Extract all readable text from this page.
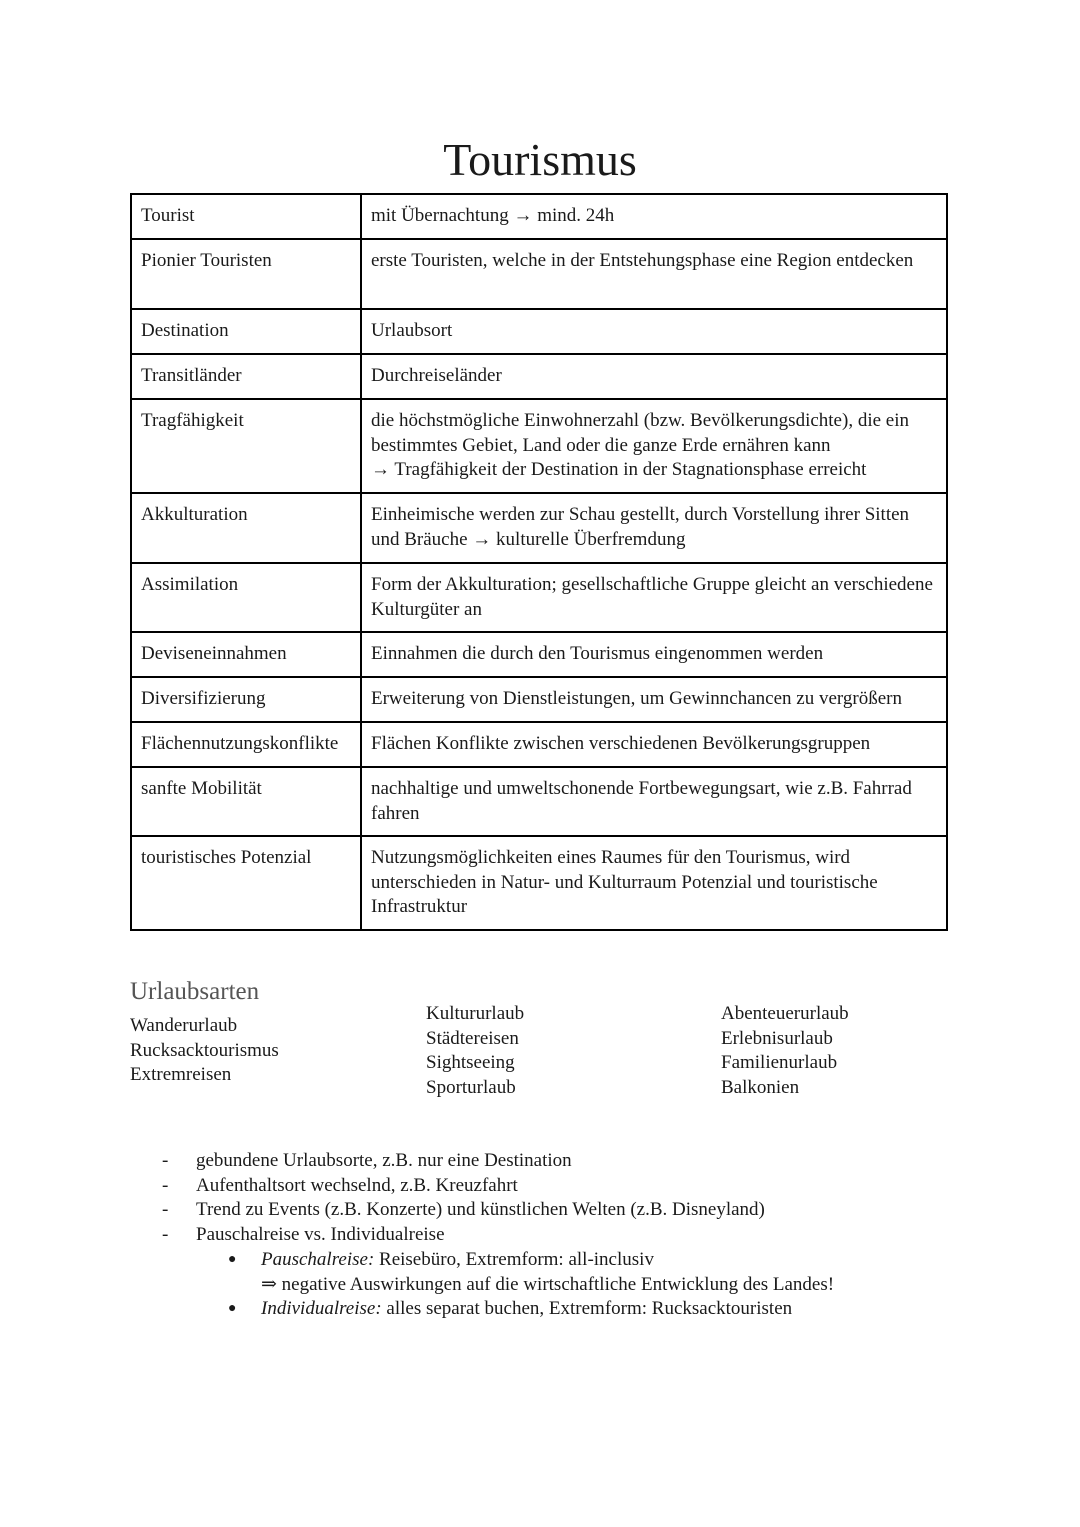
Tourismus
Tourist	mit Übernachtung → mind. 24h
Pionier Touristen	erste Touristen, welche in der Entstehungsphase eine Region entdecken
Destination	Urlaubsort
Transitländer	Durchreiseländer
Tragfähigkeit	die höchstmögliche Einwohnerzahl (bzw. Bevölkerungsdichte), die ein bestimmtes Gebiet, Land oder die ganze Erde ernähren kann
→ Tragfähigkeit der Destination in der Stagnationsphase erreicht

Akkulturation	Einheimische werden zur Schau gestellt, durch Vorstellung ihrer Sitten und Bräuche → kulturelle Überfremdung
Assimilation	Form der Akkulturation; gesellschaftliche Gruppe gleicht an verschiedene Kulturgüter an
Deviseneinnahmen	Einnahmen die durch den Tourismus eingenommen werden
Diversifizierung	Erweiterung von Dienstleistungen, um Gewinnchancen zu vergrößern
Flächennutzungskonflikte	Flächen Konflikte zwischen verschiedenen Bevölkerungsgruppen
sanfte Mobilität	nachhaltige und umweltschonende Fortbewegungsart, wie z.B. Fahrrad fahren
touristisches Potenzial	Nutzungsmöglichkeiten eines Raumes für den Tourismus, wird unterschieden in Natur- und Kulturraum Potenzial und touristische Infrastruktur
Urlaubsarten
Wanderurlaub
Rucksacktourismus
Extremreisen
Kultururlaub
Städtereisen
Sightseeing
Sporturlaub
Abenteuerurlaub
Erlebnisurlaub
Familienurlaub
Balkonien
- gebundene Urlaubsorte, z.B. nur eine Destination
- Aufenthaltsort wechselnd, z.B. Kreuzfahrt
- Trend zu Events (z.B. Konzerte) und künstlichen Welten (z.B. Disneyland)
- Pauschalreise vs. Individualreise
● Pauschalreise: Reisebüro, Extremform: all-inclusiv
⇒ negative Auswirkungen auf die wirtschaftliche Entwicklung des Landes!
● Individualreise: alles separat buchen, Extremform: Rucksacktouristen
